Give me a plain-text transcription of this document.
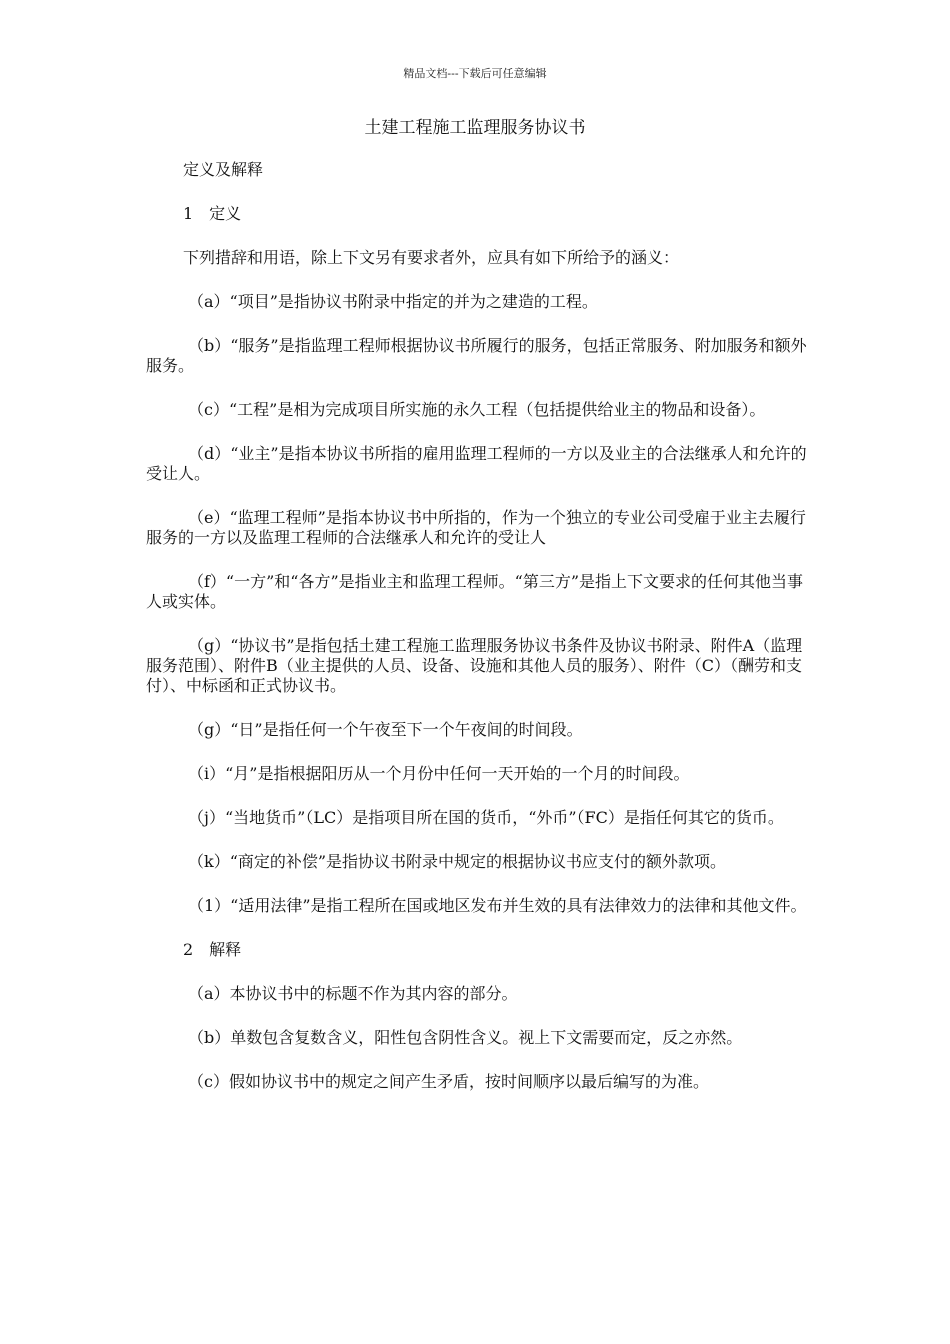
精品文档---下载后可任意编辑
土建工程施工监理服务协议书

定义及解释

1　定义

下列措辞和用语，除上下文另有要求者外，应具有如下所给予的涵义：

（a）“项目”是指协议书附录中指定的并为之建造的工程。

（b）“服务”是指监理工程师根据协议书所履行的服务，包括正常服务、附加服务和额外服务。

（c）“工程”是相为完成项目所实施的永久工程（包括提供给业主的物品和设备）。

（d）“业主”是指本协议书所指的雇用监理工程师的一方以及业主的合法继承人和允许的受让人。

（e）“监理工程师”是指本协议书中所指的，作为一个独立的专业公司受雇于业主去履行服务的一方以及监理工程师的合法继承人和允许的受让人

（f）“一方”和“各方”是指业主和监理工程师。“第三方”是指上下文要求的任何其他当事人或实体。

（g）“协议书”是指包括土建工程施工监理服务协议书条件及协议书附录、附件A（监理服务范围）、附件B（业主提供的人员、设备、设施和其他人员的服务）、附件（C）（酬劳和支付）、中标函和正式协议书。

（g）“日”是指任何一个午夜至下一个午夜间的时间段。

（i）“月”是指根据阳历从一个月份中任何一天开始的一个月的时间段。

（j）“当地货币”（LC）是指项目所在国的货币，“外币”（FC）是指任何其它的货币。

（k）“商定的补偿”是指协议书附录中规定的根据协议书应支付的额外款项。

（1）“适用法律”是指工程所在国或地区发布并生效的具有法律效力的法律和其他文件。

2　解释

（a）本协议书中的标题不作为其内容的部分。

（b）单数包含复数含义，阳性包含阴性含义。视上下文需要而定，反之亦然。

（c）假如协议书中的规定之间产生矛盾，按时间顺序以最后编写的为准。
